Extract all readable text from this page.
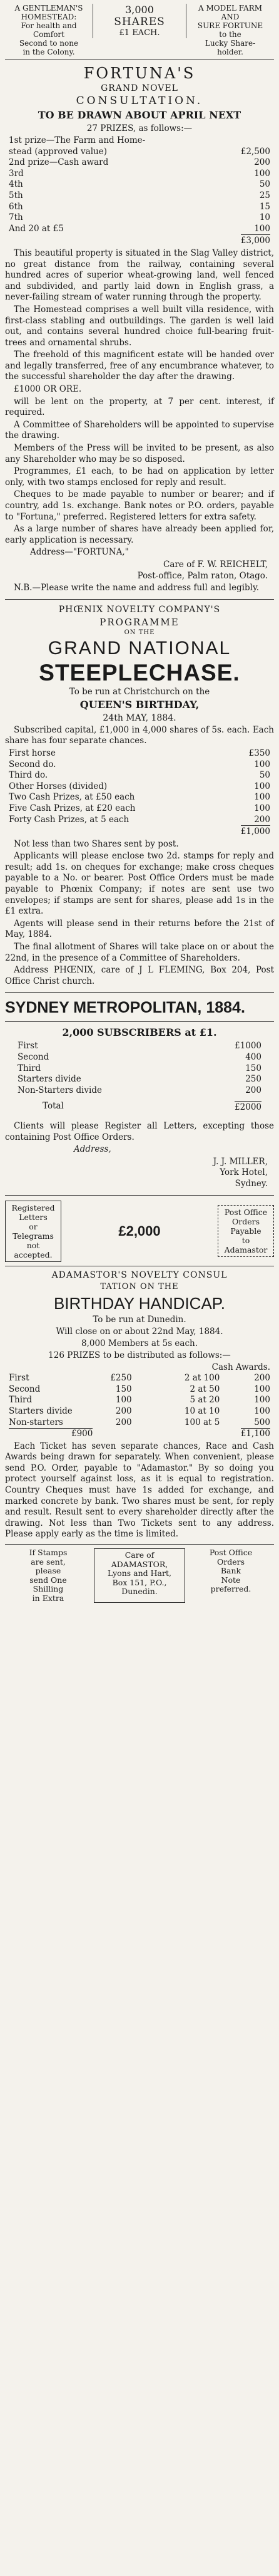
A GENTLEMAN'S
HOMESTEAD:
For health and
Comfort
Second to none
in the Colony.
3,000
SHARES
£1 EACH.
A MODEL FARM
AND
SURE FORTUNE
to the
Lucky Share-
holder.
FORTUNA'S
GRAND NOVEL
CONSULTATION.
TO BE DRAWN ABOUT APRIL NEXT
27 PRIZES, as follows:—
1st prize—The Farm and Home-
stead (approved value)	£2,500
2nd prize—Cash award	200
3rd	100
4th	50
5th	25
6th	15
7th	10
And 20 at £5	100
£3,000
This beautiful property is situated in the Slag Valley district, no great distance from the railway, containing several hundred acres of superior wheat-growing land, well fenced and subdivided, and partly laid down in English grass, a never-failing stream of water running through the property.
The Homestead comprises a well built villa residence, with first-class stabling and outbuildings. The garden is well laid out, and contains several hundred choice full-bearing fruit-trees and ornamental shrubs.
The freehold of this magnificent estate will be handed over and legally transferred, free of any encumbrance whatever, to the successful shareholder the day after the drawing.
£1000 OR ORE.
will be lent on the property, at 7 per cent. interest, if required.
A Committee of Shareholders will be appointed to supervise the drawing.
Members of the Press will be invited to be present, as also any Shareholder who may be so disposed.
Programmes, £1 each, to be had on application by letter only, with two stamps enclosed for reply and result.
Cheques to be made payable to number or bearer; and if country, add 1s. exchange. Bank notes or P.O. orders, payable to "Fortuna," preferred. Registered letters for extra safety.
As a large number of shares have already been applied for, early application is necessary.
Address—"FORTUNA,"
Care of F. W. REICHELT,
Post-office, Palm raton, Otago.
N.B.—Please write the name and address full and legibly.
PHŒNIX NOVELTY COMPANY'S
PROGRAMME
ON THE
GRAND NATIONAL
STEEPLECHASE.
To be run at Christchurch on the
QUEEN'S BIRTHDAY,
24th MAY, 1884.
Subscribed capital, £1,000 in 4,000 shares of 5s. each. Each share has four separate chances.
First horse	£350
Second do.	100
Third do.	50
Other Horses (divided)	100
Two Cash Prizes, at £50 each	100
Five Cash Prizes, at £20 each	100
Forty Cash Prizes, at 5 each	200
£1,000
Not less than two Shares sent by post.
Applicants will please enclose two 2d. stamps for reply and result; add 1s. on cheques for exchange; make cross cheques payable to a No. or bearer. Post Office Orders must be made payable to Phœnix Company; if notes are sent use two envelopes; if stamps are sent for shares, please add 1s in the £1 extra.
Agents will please send in their returns before the 21st of May, 1884.
The final allotment of Shares will take place on or about the 22nd, in the presence of a Committee of Shareholders.
Address PHŒNIX, care of J L FLEMING, Box 204, Post Office Christ church.
SYDNEY METROPOLITAN, 1884.
2,000 SUBSCRIBERS at £1.
First	£1000
Second	400
Third	150
Starters divide	250
Non-Starters divide	200
Total	£2000
Clients will please Register all Letters, excepting those containing Post Office Orders.
Address,
J. J. MILLER,
York Hotel,
Sydney.
Registered
Letters
or
Telegrams
not
accepted.
£2,000
Post Office
Orders
Payable
to
Adamastor
ADAMASTOR'S NOVELTY CONSUL
TATION ON THE
BIRTHDAY HANDICAP.
To be run at Dunedin.
Will close on or about 22nd May, 1884.
8,000 Members at 5s each.
126 PRIZES to be distributed as follows:—
Cash Awards.
First	£250	2 at 100	200
Second	150	2 at 50	100
Third	100	5 at 20	100
Starters divide	200	10 at 10	100
Non-starters	200	100 at 5	500
£900	£1,100
Each Ticket has seven separate chances, Race and Cash Awards being drawn for separately. When convenient, please send P.O. Order, payable to "Adamastor." By so doing you protect yourself against loss, as it is equal to registration. Country Cheques must have 1s added for exchange, and marked concrete by bank. Two shares must be sent, for reply and result. Result sent to every shareholder directly after the drawing. Not less than Two Tickets sent to any address. Please apply early as the time is limited.
If Stamps
are sent,
please
send One
Shilling
in Extra
Care of
ADAMASTOR,
Lyons and Hart,
Box 151, P.O.,
Dunedin.
Post Office
Orders
Bank
Note
preferred.
